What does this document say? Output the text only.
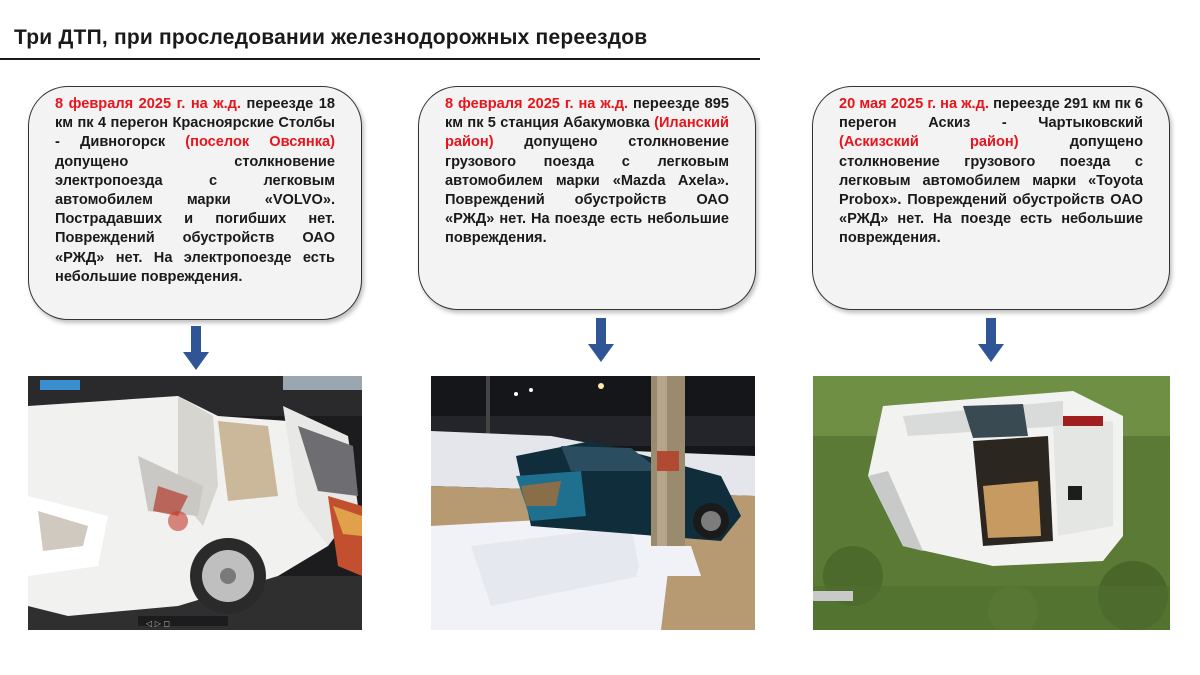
Три ДТП, при проследовании железнодорожных переездов

8 февраля 2025 г. на ж.д. переезде 18 км пк 4 перегон Красноярские Столбы - Дивногорск (поселок Овсянка) допущено столкновение электропоезда с легковым автомобилем марки «VOLVO». Пострадавших и погибших нет. Повреждений обустройств ОАО «РЖД» нет. На электропоезде есть небольшие повреждения.

8 февраля 2025 г. на ж.д. переезде 895 км пк 5 станция Абакумовка (Иланский район) допущено столкновение грузового поезда с легковым автомобилем марки «Mazda Axela». Повреждений обустройств ОАО «РЖД» нет. На поезде есть небольшие повреждения.

20 мая 2025 г. на ж.д. переезде 291 км пк 6 перегон Аскиз - Чартыковский (Аскизский район)	допущено столкновение грузового поезда с легковым автомобилем марки «Toyota Probox». Повреждений обустройств ОАО «РЖД» нет. На поезде есть небольшие повреждения.

◁ ▷ ◻
